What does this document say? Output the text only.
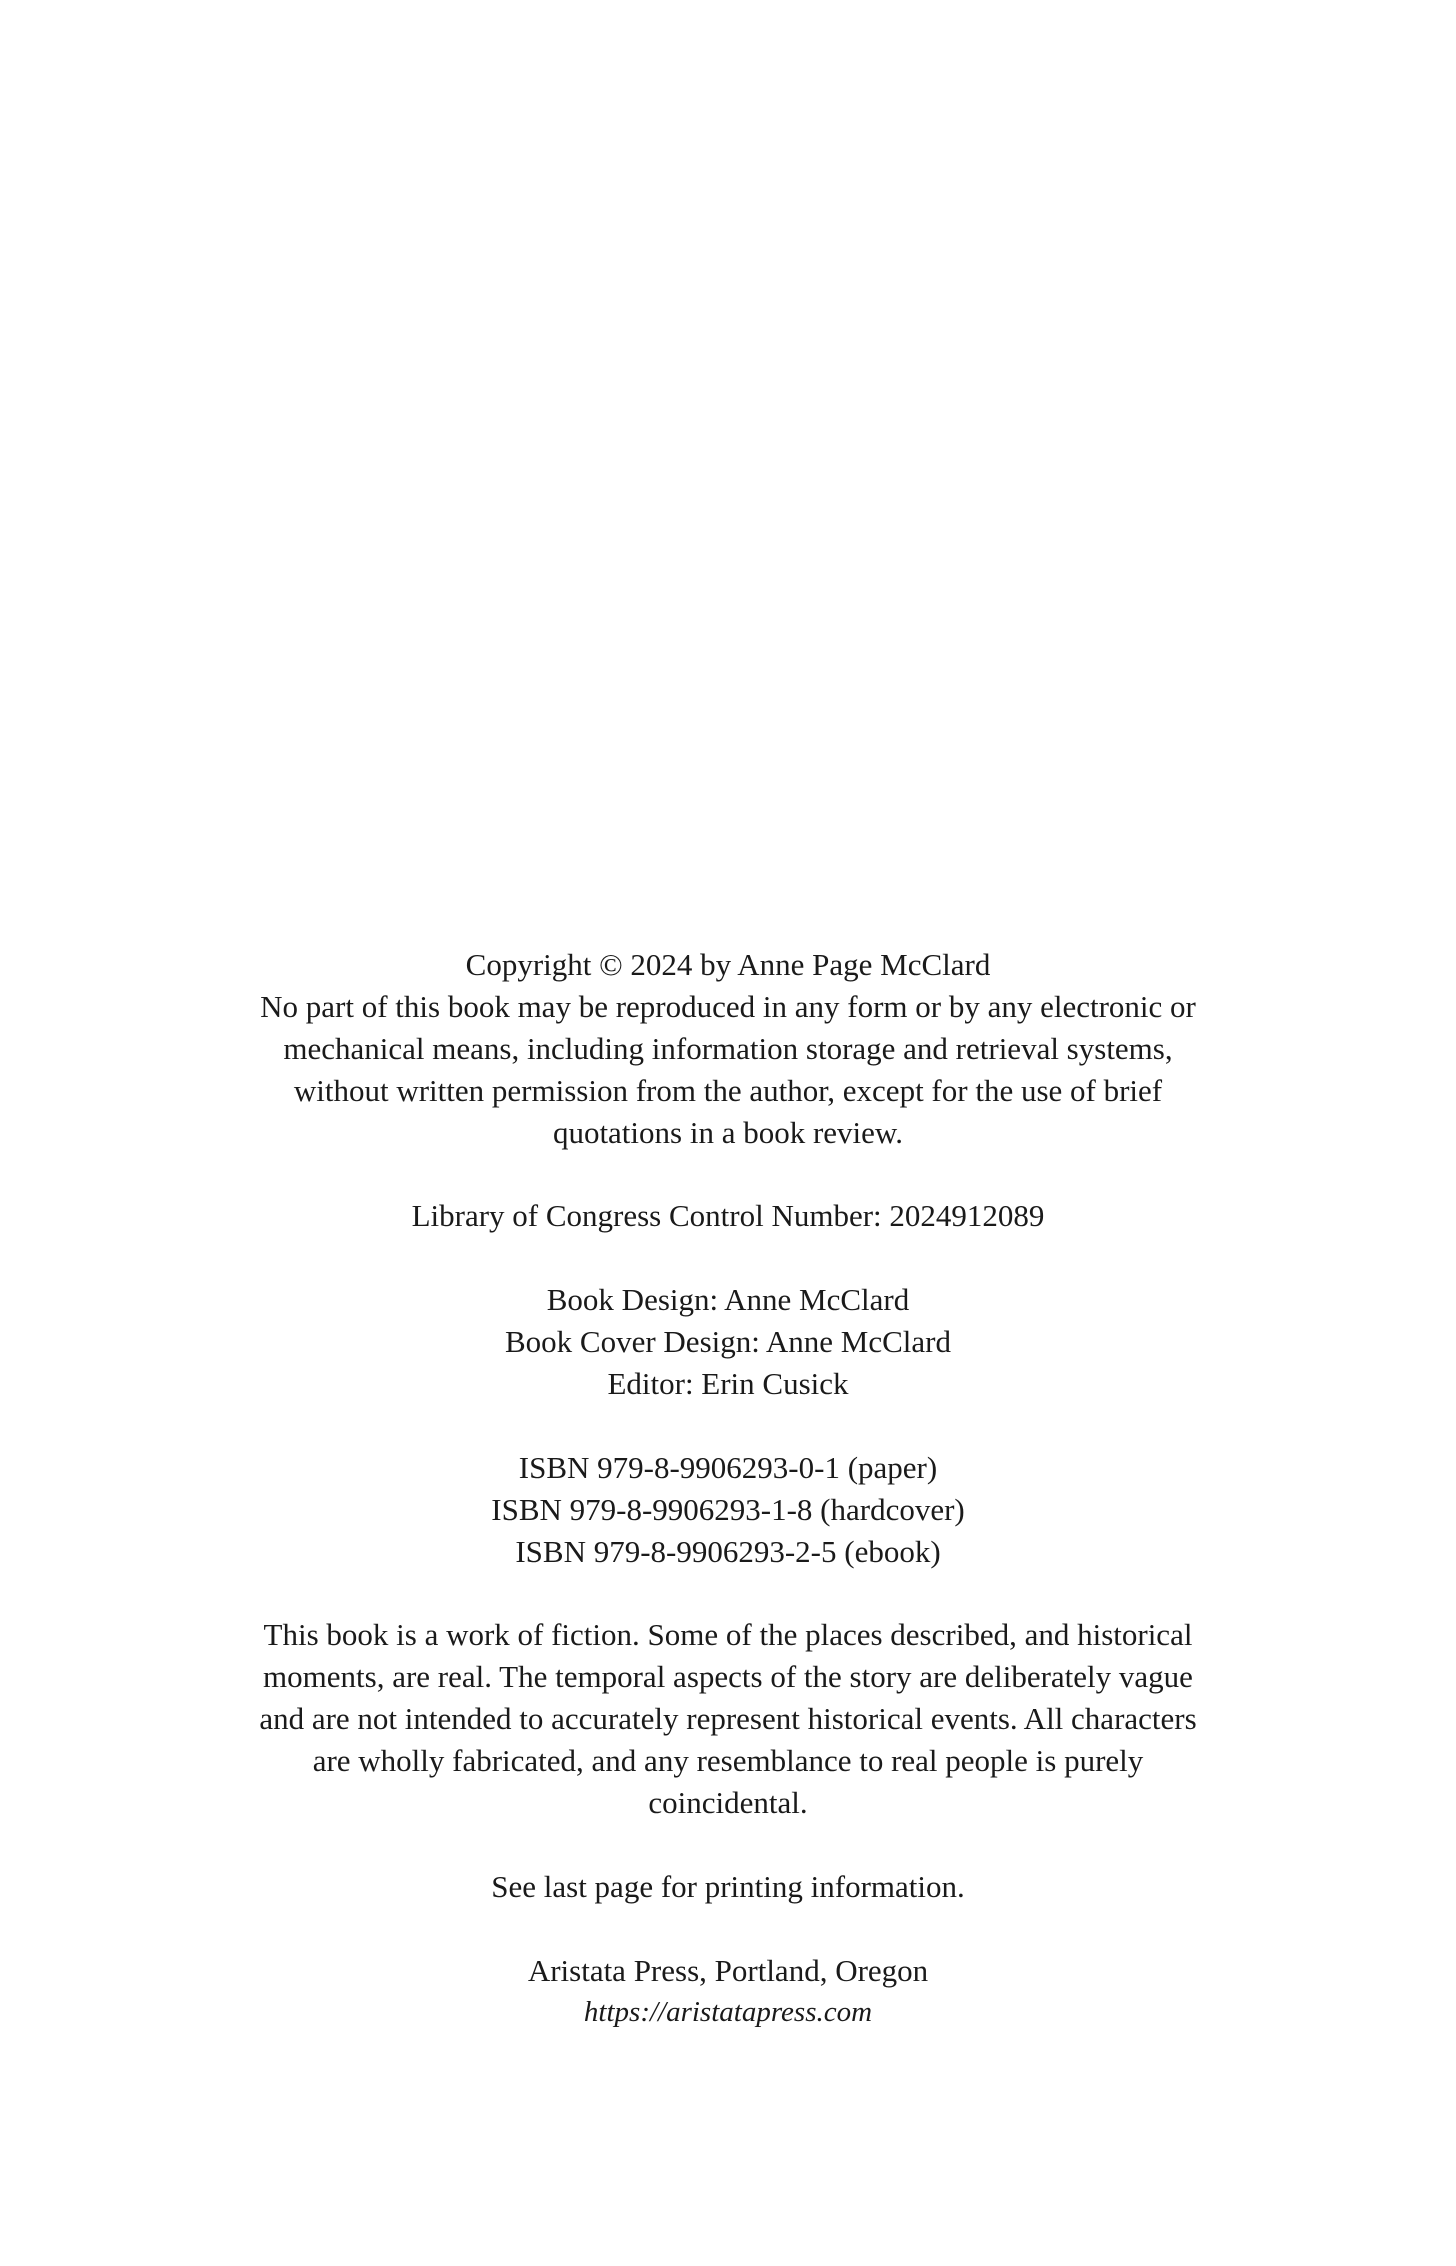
Copyright © 2024 by Anne Page McClard
No part of this book may be reproduced in any form or by any electronic or
mechanical means, including information storage and retrieval systems,
without written permission from the author, except for the use of brief
quotations in a book review.
Library of Congress Control Number: 2024912089
Book Design: Anne McClard
Book Cover Design: Anne McClard
Editor: Erin Cusick
ISBN 979-8-9906293-0-1 (paper)
ISBN 979-8-9906293-1-8 (hardcover)
ISBN 979-8-9906293-2-5 (ebook)
This book is a work of fiction. Some of the places described, and historical
moments, are real. The temporal aspects of the story are deliberately vague
and are not intended to accurately represent historical events. All characters
are wholly fabricated, and any resemblance to real people is purely
coincidental.
See last page for printing information.
Aristata Press, Portland, Oregon
https://aristatapress.com
